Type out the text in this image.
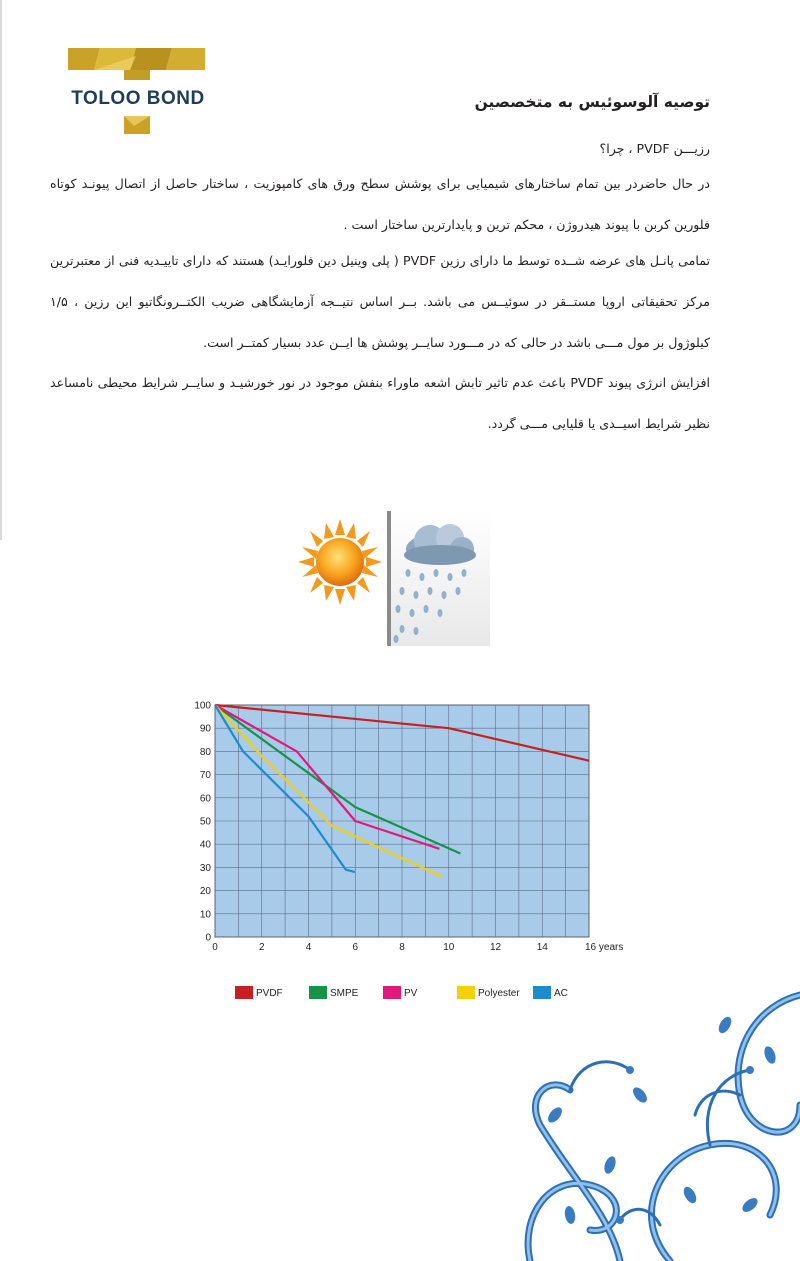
TOLOO BOND	توصیه آلوسوئیس به متخصصین
رزیـــن PVDF ، چرا؟
در حال حاضردر بین تمام ساختارهای شیمیایی برای پوشش سطح ورق های کامپوزیت ، ساختار حاصل از اتصال پیونـد کوتاه فلورین کربن با پیوند هیدروژن ، محکم ترین و پایدارترین ساختار است .
تمامی پانـل های عرضه شــده توسط ما دارای رزین PVDF ( پلی وینیل دین فلورایـد) هستند که دارای تاییـدیه فنی از معتبرترین مرکز تحقیقاتی اروپا مستــقر در سوئیــس می باشد. بــر اساس نتیــجه آزمایشگاهی ضریب الکتــرونگاتیو این رزین ، ۱/۵ کیلوژول بر مول مـــی باشد در حالی که در مـــورد سایــر پوشش ها ایــن عدد بسیار کمتــر است.
افزایش انرژی پیوند PVDF باعث عدم تاثیر تابش اشعه ماوراء بنفش موجود در نور خورشیـد و سایــر شرایط محیطی نامساعد نظیر شرایط اسیــدی یا قلیایی مـــی گردد.
0
10
20
30
40
50
60
70
80
90
100
0	2	4	6	8	10	12	14	16 years
PVDF	SMPE	PV	Polyester	AC
